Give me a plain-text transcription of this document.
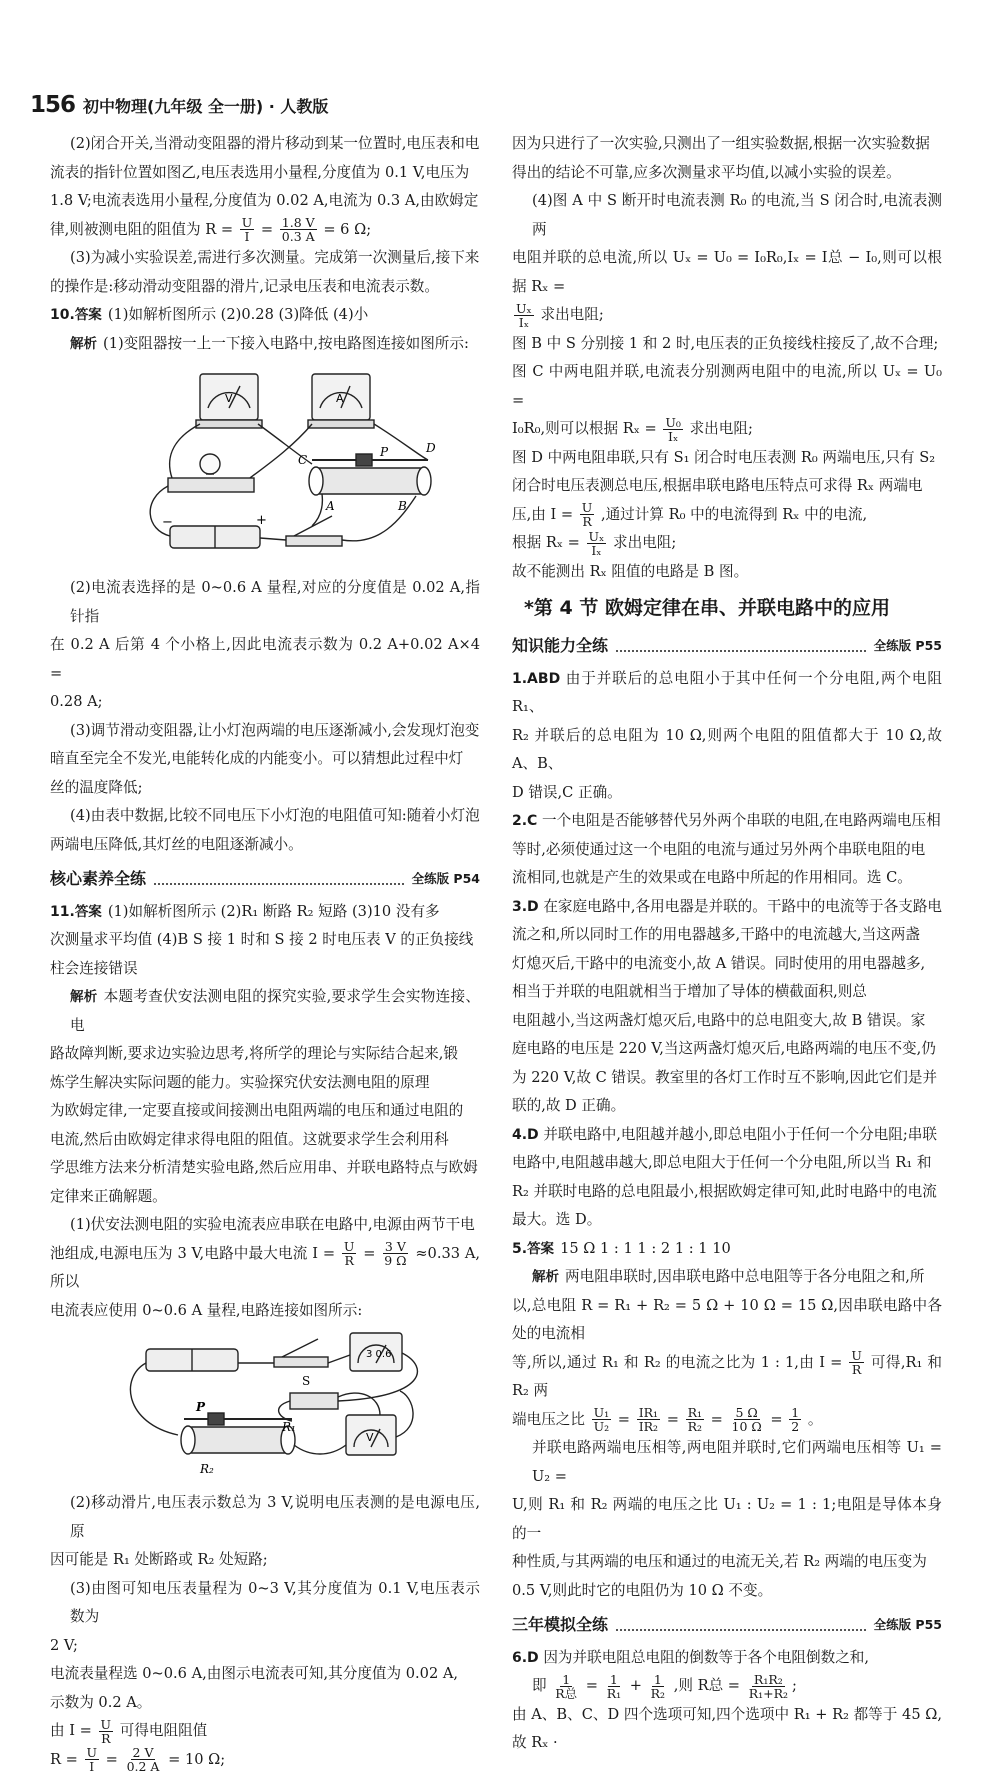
156 初中物理(九年级 全一册) · 人教版

(2)闭合开关,当滑动变阻器的滑片移动到某一位置时,电压表和电

流表的指针位置如图乙,电压表选用小量程,分度值为 0.1 V,电压为

1.8 V;电流表选用小量程,分度值为 0.02 A,电流为 0.3 A,由欧姆定

律,则被测电阻的阻值为 $R = \frac{U}{I} = \frac{1.8 V}{0.3 A} = 6$ Ω;

(3)为减小实验误差,需进行多次测量。完成第一次测量后,接下来

的操作是:移动滑动变阻器的滑片,记录电压表和电流表示数。

10.答案 (1)如解析图所示 (2)0.28 (3)降低 (4)小

解析 (1)变阻器按一上一下接入电路中,按电路图连接如图所示:

V	A
C
P	D
B
A
−	+

(2)电流表选择的是 0~0.6 A 量程,对应的分度值是 0.02 A,指针指

在 0.2 A 后第 4 个小格上,因此电流表示数为 0.2 A+0.02 A×4 =

0.28 A;

(3)调节滑动变阻器,让小灯泡两端的电压逐渐减小,会发现灯泡变

暗直至完全不发光,电能转化成的内能变小。可以猜想此过程中灯

丝的温度降低;

(4)由表中数据,比较不同电压下小灯泡的电阻值可知:随着小灯泡

两端电压降低,其灯丝的电阻逐渐减小。

核心素养全练	全练版 P54

11.答案 (1)如解析图所示 (2)R₁ 断路 R₂ 短路 (3)10 没有多

次测量求平均值 (4)B S 接 1 时和 S 接 2 时电压表 V 的正负接线

柱会连接错误

解析 本题考查伏安法测电阻的探究实验,要求学生会实物连接、电

路故障判断,要求边实验边思考,将所学的理论与实际结合起来,锻

炼学生解决实际问题的能力。实验探究伏安法测电阻的原理

为欧姆定律,一定要直接或间接测出电阻两端的电压和通过电阻的

电流,然后由欧姆定律求得电阻的阻值。这就要求学生会利用科

学思维方法来分析清楚实验电路,然后应用串、并联电路特点与欧姆

定律来正确解题。

(1)伏安法测电阻的实验电流表应串联在电路中,电源由两节干电

池组成,电源电压为 3 V,电路中最大电流 $I = \frac{U}{R} = \frac{3 V}{9 \Omega} \approx 0.33$ A,所以

电流表应使用 0~0.6 A 量程,电路连接如图所示:

S
3 0.6
V
P
R₁
R₂

(2)移动滑片,电压表示数总为 3 V,说明电压表测的是电源电压,原

因可能是 R₁ 处断路或 R₂ 处短路;

(3)由图可知电压表量程为 0~3 V,其分度值为 0.1 V,电压表示数为

2 V;

电流表量程选 0~0.6 A,由图示电流表可知,其分度值为 0.02 A,

示数为 0.2 A。

由 $I = \frac{U}{R}$ 可得电阻阻值

$R = \frac{U}{I} = \frac{2 V}{0.2 A} = 10$ Ω;

因为只进行了一次实验,只测出了一组实验数据,根据一次实验数据

得出的结论不可靠,应多次测量求平均值,以减小实验的误差。

(4)图 A 中 S 断开时电流表测 R₀ 的电流,当 S 闭合时,电流表测两

电阻并联的总电流,所以 Uₓ = U₀ = I₀R₀,Iₓ = I总 − I₀,则可以根据 Rₓ =

$\frac{\text{Uₓ}}{\text{Iₓ}}$ 求出电阻;

图 B 中 S 分别接 1 和 2 时,电压表的正负接线柱接反了,故不合理;

图 C 中两电阻并联,电流表分别测两电阻中的电流,所以 Uₓ = U₀ =

I₀R₀,则可以根据 $R_x = \frac{\text{U₀}}{\text{Iₓ}}$ 求出电阻;

图 D 中两电阻串联,只有 S₁ 闭合时电压表测 R₀ 两端电压,只有 S₂

闭合时电压表测总电压,根据串联电路电压特点可求得 Rₓ 两端电

压,由 $I = \frac{U}{R}$ ,通过计算 R₀ 中的电流得到 Rₓ 中的电流,

根据 $R_x = \frac{\text{Uₓ}}{\text{Iₓ}}$ 求出电阻;

故不能测出 Rₓ 阻值的电路是 B 图。

*第 4 节 欧姆定律在串、并联电路中的应用
知识能力全练	全练版 P55

1.ABD 由于并联后的总电阻小于其中任何一个分电阻,两个电阻 R₁、

R₂ 并联后的总电阻为 10 Ω,则两个电阻的阻值都大于 10 Ω,故 A、B、

D 错误,C 正确。

2.C 一个电阻是否能够替代另外两个串联的电阻,在电路两端电压相

等时,必须使通过这一个电阻的电流与通过另外两个串联电阻的电

流相同,也就是产生的效果或在电路中所起的作用相同。选 C。

3.D 在家庭电路中,各用电器是并联的。干路中的电流等于各支路电

流之和,所以同时工作的用电器越多,干路中的电流越大,当这两盏

灯熄灭后,干路中的电流变小,故 A 错误。同时使用的用电器越多,

相当于并联的电阻就相当于增加了导体的横截面积,则总

电阻越小,当这两盏灯熄灭后,电路中的总电阻变大,故 B 错误。家

庭电路的电压是 220 V,当这两盏灯熄灭后,电路两端的电压不变,仍

为 220 V,故 C 错误。教室里的各灯工作时互不影响,因此它们是并

联的,故 D 正确。

4.D 并联电路中,电阻越并越小,即总电阻小于任何一个分电阻;串联

电路中,电阻越串越大,即总电阻大于任何一个分电阻,所以当 R₁ 和

R₂ 并联时电路的总电阻最小,根据欧姆定律可知,此时电路中的电流

最大。选 D。

5.答案 15 Ω 1 : 1 1 : 2 1 : 1 10

解析 两电阻串联时,因串联电路中总电阻等于各分电阻之和,所

以,总电阻 R = R₁ + R₂ = 5 Ω + 10 Ω = 15 Ω,因串联电路中各处的电流相

等,所以,通过 R₁ 和 R₂ 的电流之比为 1 : 1,由 $I = \frac{U}{R}$ 可得,R₁ 和 R₂ 两

端电压之比 $\frac{\text{U₁}}{\text{U₂}} = \frac{\text{IR₁}}{\text{IR₂}} = \frac{\text{R₁}}{\text{R₂}} = \frac{5 \Omega}{10 \Omega} = \frac{1}{2}$ 。

并联电路两端电压相等,两电阻并联时,它们两端电压相等 U₁ = U₂ =

U,则 R₁ 和 R₂ 两端的电压之比 U₁ : U₂ = 1 : 1;电阻是导体本身的一

种性质,与其两端的电压和通过的电流无关,若 R₂ 两端的电压变为

0.5 V,则此时它的电阻仍为 10 Ω 不变。

三年模拟全练	全练版 P55

6.D 因为并联电阻总电阻的倒数等于各个电阻倒数之和,

即 $\frac{1}{\text{R总}} = \frac{1}{\text{R₁}} + \frac{1}{\text{R₂}}$ ,则 R总 = $\frac{\text{R₁R₂}}{\text{R₁+R₂}}$ ;

由 A、B、C、D 四个选项可知,四个选项中 R₁ + R₂ 都等于 45 Ω,故 Rₓ ·
